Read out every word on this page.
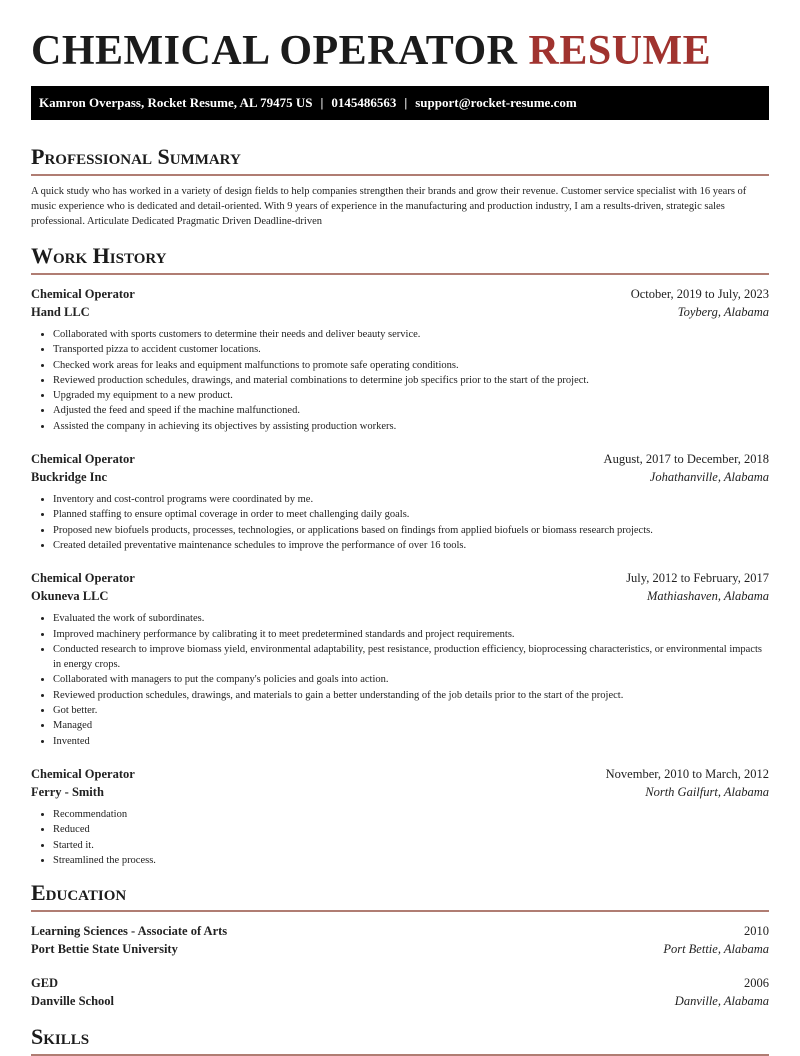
CHEMICAL OPERATOR RESUME
Kamron Overpass, Rocket Resume, AL 79475 US | 0145486563 | support@rocket-resume.com
Professional Summary

A quick study who has worked in a variety of design fields to help companies strengthen their brands and grow their revenue. Customer service specialist with 16 years of music experience who is dedicated and detail-oriented. With 9 years of experience in the manufacturing and production industry, I am a results-driven, strategic sales professional. Articulate Dedicated Pragmatic Driven Deadline-driven

Work History
Chemical Operator	October, 2019 to July, 2023
Hand LLC	Toyberg, Alabama
• Collaborated with sports customers to determine their needs and deliver beauty service.
• Transported pizza to accident customer locations.
• Checked work areas for leaks and equipment malfunctions to promote safe operating conditions.
• Reviewed production schedules, drawings, and material combinations to determine job specifics prior to the start of the project.
• Upgraded my equipment to a new product.
• Adjusted the feed and speed if the machine malfunctioned.
• Assisted the company in achieving its objectives by assisting production workers.
Chemical Operator	August, 2017 to December, 2018
Buckridge Inc	Johathanville, Alabama
• Inventory and cost-control programs were coordinated by me.
• Planned staffing to ensure optimal coverage in order to meet challenging daily goals.
• Proposed new biofuels products, processes, technologies, or applications based on findings from applied biofuels or biomass research projects.
• Created detailed preventative maintenance schedules to improve the performance of over 16 tools.
Chemical Operator	July, 2012 to February, 2017
Okuneva LLC	Mathiashaven, Alabama
• Evaluated the work of subordinates.
• Improved machinery performance by calibrating it to meet predetermined standards and project requirements.
• Conducted research to improve biomass yield, environmental adaptability, pest resistance, production efficiency, bioprocessing characteristics, or environmental impacts in energy crops.
• Collaborated with managers to put the company's policies and goals into action.
• Reviewed production schedules, drawings, and materials to gain a better understanding of the job details prior to the start of the project.
• Got better.
• Managed
• Invented
Chemical Operator	November, 2010 to March, 2012
Ferry - Smith	North Gailfurt, Alabama
• Recommendation
• Reduced
• Started it.
• Streamlined the process.
Education
Learning Sciences - Associate of Arts	2010
Port Bettie State University	Port Bettie, Alabama
GED	2006
Danville School	Danville, Alabama
Skills
